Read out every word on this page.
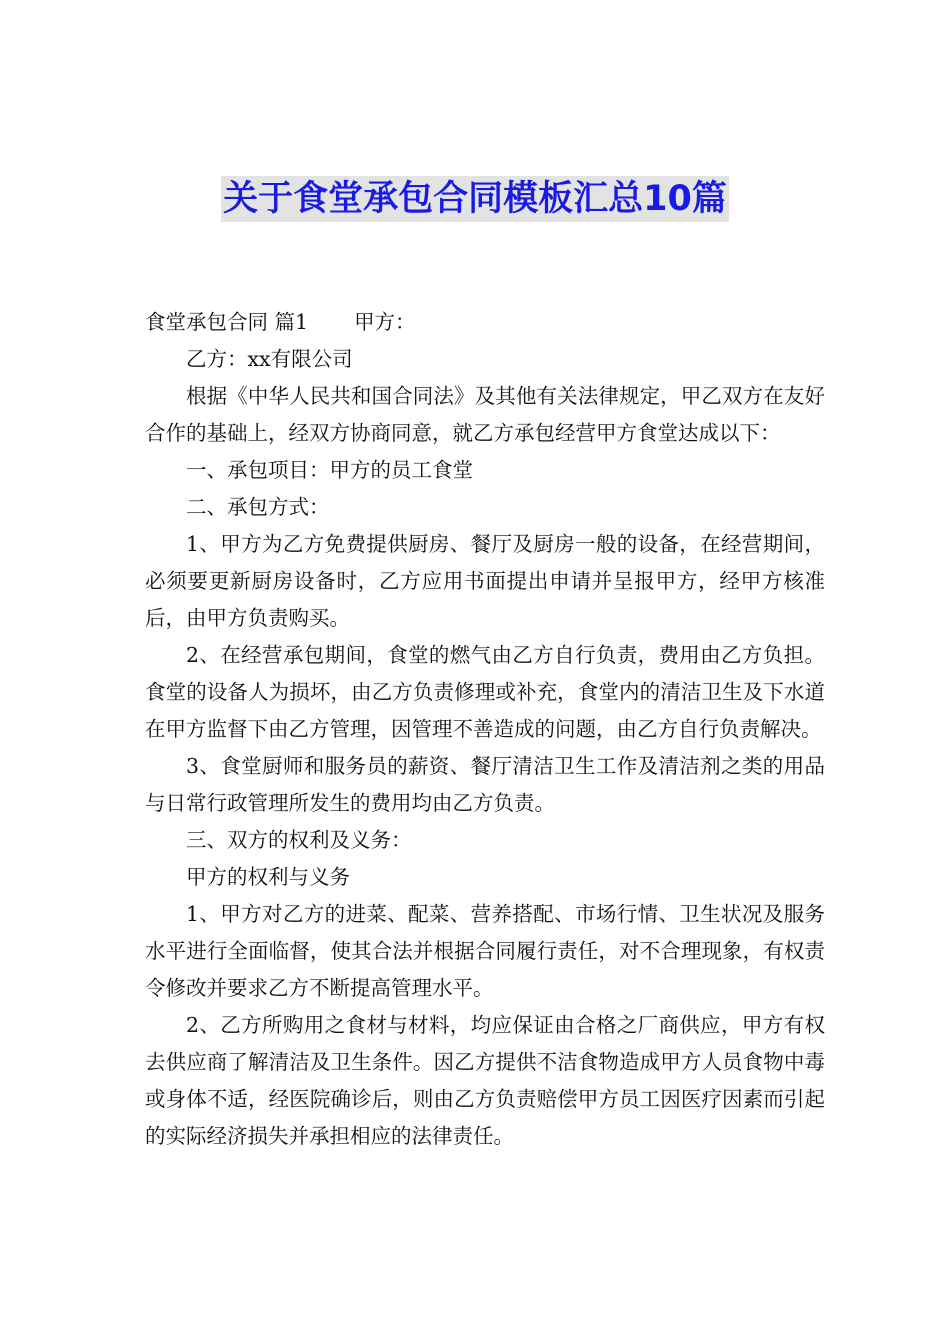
关于食堂承包合同模板汇总10篇

食堂承包合同 篇1 甲方：

乙方：xx有限公司

根据《中华人民共和国合同法》及其他有关法律规定，甲乙双方在友好合作的基础上，经双方协商同意，就乙方承包经营甲方食堂达成以下：

一、承包项目：甲方的员工食堂

二、承包方式：

1、甲方为乙方免费提供厨房、餐厅及厨房一般的设备，在经营期间，必须要更新厨房设备时，乙方应用书面提出申请并呈报甲方，经甲方核准后，由甲方负责购买。

2、在经营承包期间，食堂的燃气由乙方自行负责，费用由乙方负担。食堂的设备人为损坏，由乙方负责修理或补充，食堂内的清洁卫生及下水道在甲方监督下由乙方管理，因管理不善造成的问题，由乙方自行负责解决。

3、食堂厨师和服务员的薪资、餐厅清洁卫生工作及清洁剂之类的用品与日常行政管理所发生的费用均由乙方负责。

三、双方的权利及义务：

甲方的权利与义务

1、甲方对乙方的进菜、配菜、营养搭配、市场行情、卫生状况及服务水平进行全面临督，使其合法并根据合同履行责任，对不合理现象，有权责令修改并要求乙方不断提高管理水平。

2、乙方所购用之食材与材料，均应保证由合格之厂商供应，甲方有权去供应商了解清洁及卫生条件。因乙方提供不洁食物造成甲方人员食物中毒或身体不适，经医院确诊后，则由乙方负责赔偿甲方员工因医疗因素而引起的实际经济损失并承担相应的法律责任。
